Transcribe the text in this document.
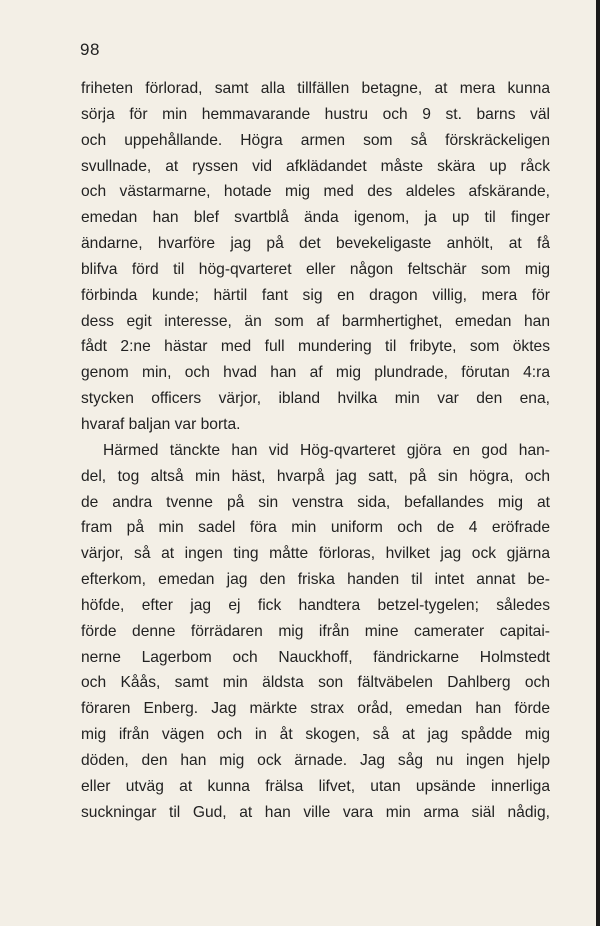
98
friheten förlorad, samt alla tillfällen betagne, at mera kunna
sörja för min hemmavarande hustru och 9 st. barns väl
och uppehållande. Högra armen som så förskräckeligen
svullnade, at ryssen vid afklädandet måste skära up råck
och västarmarne, hotade mig med des aldeles afskärande,
emedan han blef svartblå ända igenom, ja up til finger
ändarne, hvarföre jag på det bevekeligaste anhölt, at få
blifva förd til hög-qvarteret eller någon feltschär som mig
förbinda kunde; härtil fant sig en dragon villig, mera för
dess egit interesse, än som af barmhertighet, emedan han
fådt 2:ne hästar med full mundering til fribyte, som öktes
genom min, och hvad han af mig plundrade, förutan 4:ra
stycken officers värjor, ibland hvilka min var den ena,
hvaraf baljan var borta.
Härmed tänckte han vid Hög-qvarteret gjöra en god han-
del, tog altså min häst, hvarpå jag satt, på sin högra, och
de andra tvenne på sin venstra sida, befallandes mig at
fram på min sadel föra min uniform och de 4 eröfrade
värjor, så at ingen ting måtte förloras, hvilket jag ock gjärna
efterkom, emedan jag den friska handen til intet annat be-
höfde, efter jag ej fick handtera betzel-tygelen; således
förde denne förrädaren mig ifrån mine camerater capitai-
nerne Lagerbom och Nauckhoff, fändrickarne Holmstedt
och Kåås, samt min äldsta son fältväbelen Dahlberg och
föraren Enberg. Jag märkte strax oråd, emedan han förde
mig ifrån vägen och in åt skogen, så at jag spådde mig
döden, den han mig ock ärnade. Jag såg nu ingen hjelp
eller utväg at kunna frälsa lifvet, utan upsände innerliga
suckningar til Gud, at han ville vara min arma siäl nådig,
